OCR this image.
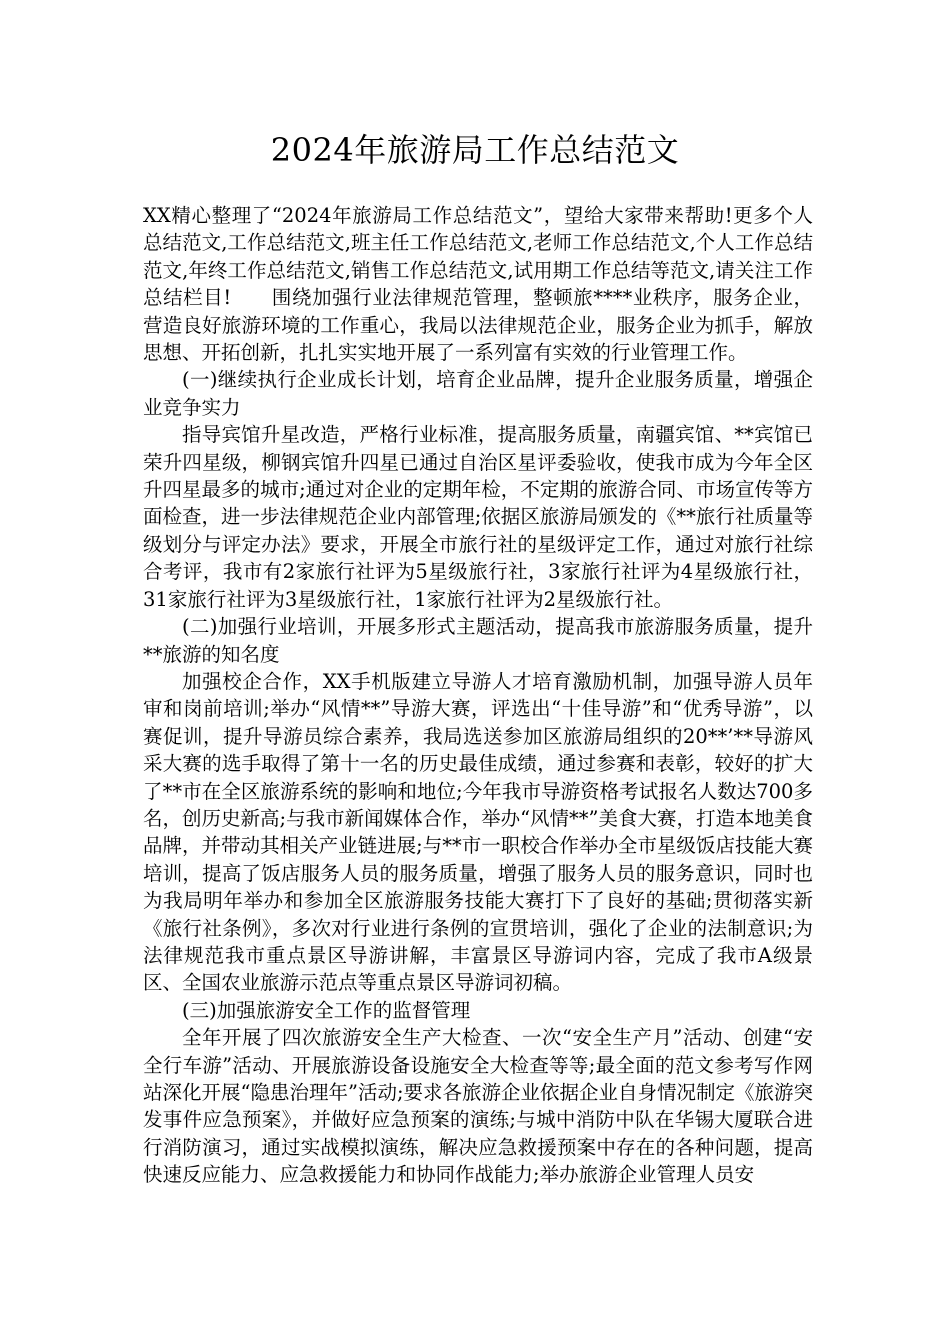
2024年旅游局工作总结范文

XX精心整理了“2024年旅游局工作总结范文”，望给大家带来帮助!更多个人总结范文,工作总结范文,班主任工作总结范文,老师工作总结范文,个人工作总结范文,年终工作总结范文,销售工作总结范文,试用期工作总结等范文,请关注工作总结栏目!　　围绕加强行业法律规范管理，整顿旅****业秩序，服务企业，营造良好旅游环境的工作重心，我局以法律规范企业，服务企业为抓手，解放思想、开拓创新，扎扎实实地开展了一系列富有实效的行业管理工作。

(一)继续执行企业成长计划，培育企业品牌，提升企业服务质量，增强企业竞争实力

指导宾馆升星改造，严格行业标准，提高服务质量，南疆宾馆、**宾馆已荣升四星级，柳钢宾馆升四星已通过自治区星评委验收，使我市成为今年全区升四星最多的城市;通过对企业的定期年检，不定期的旅游合同、市场宣传等方面检查，进一步法律规范企业内部管理;依据区旅游局颁发的《**旅行社质量等级划分与评定办法》要求，开展全市旅行社的星级评定工作，通过对旅行社综合考评，我市有2家旅行社评为5星级旅行社，3家旅行社评为4星级旅行社，31家旅行社评为3星级旅行社，1家旅行社评为2星级旅行社。

(二)加强行业培训，开展多形式主题活动，提高我市旅游服务质量，提升**旅游的知名度

加强校企合作，XX手机版建立导游人才培育激励机制，加强导游人员年审和岗前培训;举办“风情**”导游大赛，评选出“十佳导游”和“优秀导游”，以赛促训，提升导游员综合素养，我局选送参加区旅游局组织的20**’**导游风采大赛的选手取得了第十一名的历史最佳成绩，通过参赛和表彰，较好的扩大了**市在全区旅游系统的影响和地位;今年我市导游资格考试报名人数达700多名，创历史新高;与我市新闻媒体合作，举办“风情**”美食大赛，打造本地美食品牌，并带动其相关产业链进展;与**市一职校合作举办全市星级饭店技能大赛培训，提高了饭店服务人员的服务质量，增强了服务人员的服务意识，同时也为我局明年举办和参加全区旅游服务技能大赛打下了良好的基础;贯彻落实新《旅行社条例》，多次对行业进行条例的宣贯培训，强化了企业的法制意识;为法律规范我市重点景区导游讲解，丰富景区导游词内容，完成了我市A级景区、全国农业旅游示范点等重点景区导游词初稿。

(三)加强旅游安全工作的监督管理

全年开展了四次旅游安全生产大检查、一次“安全生产月”活动、创建“安全行车游”活动、开展旅游设备设施安全大检查等等;最全面的范文参考写作网站深化开展“隐患治理年”活动;要求各旅游企业依据企业自身情况制定《旅游突发事件应急预案》，并做好应急预案的演练;与城中消防中队在华锡大厦联合进行消防演习，通过实战模拟演练，解决应急救援预案中存在的各种问题，提高快速反应能力、应急救援能力和协同作战能力;举办旅游企业管理人员安
